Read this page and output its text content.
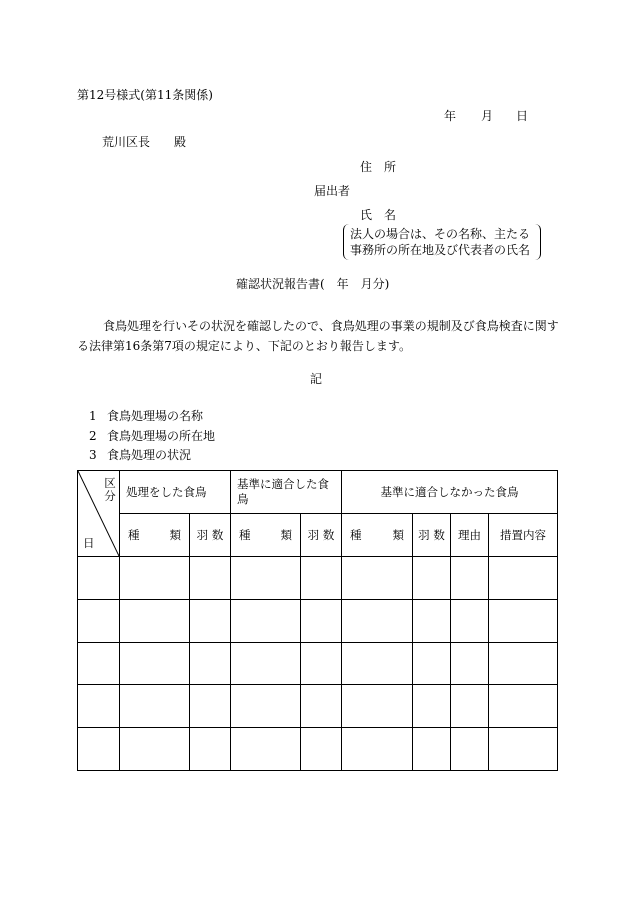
第12号様式(第11条関係)
年 月 日
荒川区長 殿
住　所
届出者
氏　名
法人の場合は、その名称、主たる
事務所の所在地及び代表者の氏名
確認状況報告書(　年　月分)
食鳥処理を行いその状況を確認したので、食鳥処理の事業の規制及び食鳥検査に関す
る法律第16条第7項の規定により、下記のとおり報告します。
記
1 食鳥処理場の名称
2 食鳥処理場の所在地
3 食鳥処理の状況
区分
日	処理をした食鳥		基準に適合した食鳥		基準に適合しなかった食鳥			

	種 類	羽 数	種 類	羽 数	種 類	羽 数	理由	措置内容
